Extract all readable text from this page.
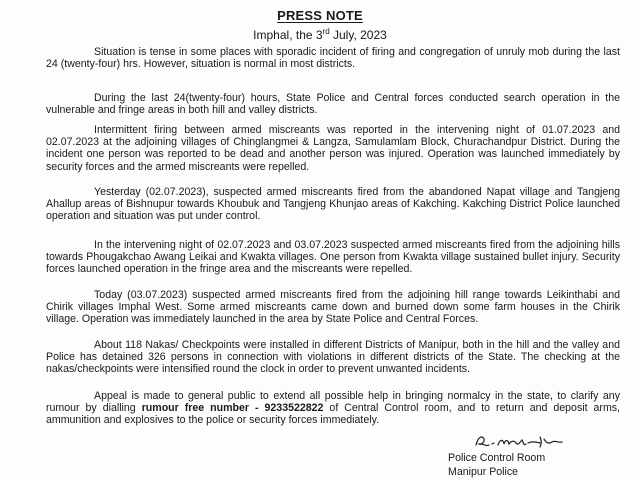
PRESS NOTE
Imphal, the 3rd July, 2023

Situation is tense in some places with sporadic incident of firing and congregation of unruly mob during the last 24 (twenty-four) hrs. However, situation is normal in most districts.

During the last 24(twenty-four) hours, State Police and Central forces conducted search operation in the vulnerable and fringe areas in both hill and valley districts.

Intermittent firing between armed miscreants was reported in the intervening night of 01.07.2023 and 02.07.2023 at the adjoining villages of Chinglangmei & Langza, Samulamlam Block, Churachandpur District. During the incident one person was reported to be dead and another person was injured. Operation was launched immediately by security forces and the armed miscreants were repelled.

Yesterday (02.07.2023), suspected armed miscreants fired from the abandoned Napat village and Tangjeng Ahallup areas of Bishnupur towards Khoubuk and Tangjeng Khunjao areas of Kakching. Kakching District Police launched operation and situation was put under control.

In the intervening night of 02.07.2023 and 03.07.2023 suspected armed miscreants fired from the adjoining hills towards Phougakchao Awang Leikai and Kwakta villages. One person from Kwakta village sustained bullet injury. Security forces launched operation in the fringe area and the miscreants were repelled.

Today (03.07.2023) suspected armed miscreants fired from the adjoining hill range towards Leikinthabi and Chirik villages Imphal West. Some armed miscreants came down and burned down some farm houses in the Chirik village. Operation was immediately launched in the area by State Police and Central Forces.

About 118 Nakas/ Checkpoints were installed in different Districts of Manipur, both in the hill and the valley and Police has detained 326 persons in connection with violations in different districts of the State. The checking at the nakas/checkpoints were intensified round the clock in order to prevent unwanted incidents.

Appeal is made to general public to extend all possible help in bringing normalcy in the state, to clarify any rumour by dialling rumour free number - 9233522822 of Central Control room, and to return and deposit arms, ammunition and explosives to the police or security forces immediately.

Police Control Room
Manipur Police
